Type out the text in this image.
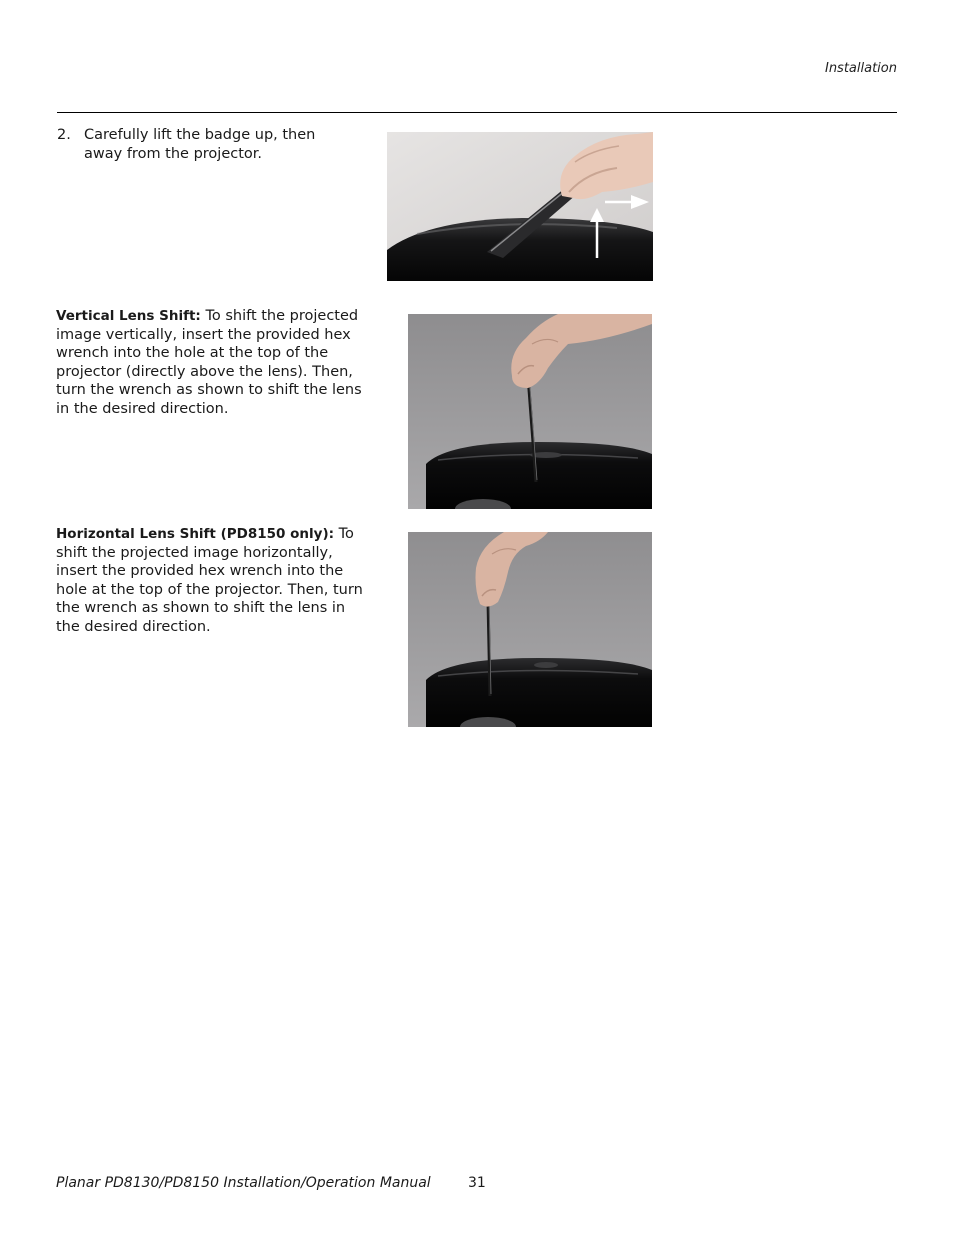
Installation
2. Carefully lift the badge up, then away from the projector.
Vertical Lens Shift: To shift the projected image vertically, insert the provided hex wrench into the hole at the top of the projector (directly above the lens). Then, turn the wrench as shown to shift the lens in the desired direction.
Horizontal Lens Shift (PD8150 only): To shift the projected image horizontally, insert the provided hex wrench into the hole at the top of the projector. Then, turn the wrench as shown to shift the lens in the desired direction.
Planar PD8130/PD8150 Installation/Operation Manual	31
